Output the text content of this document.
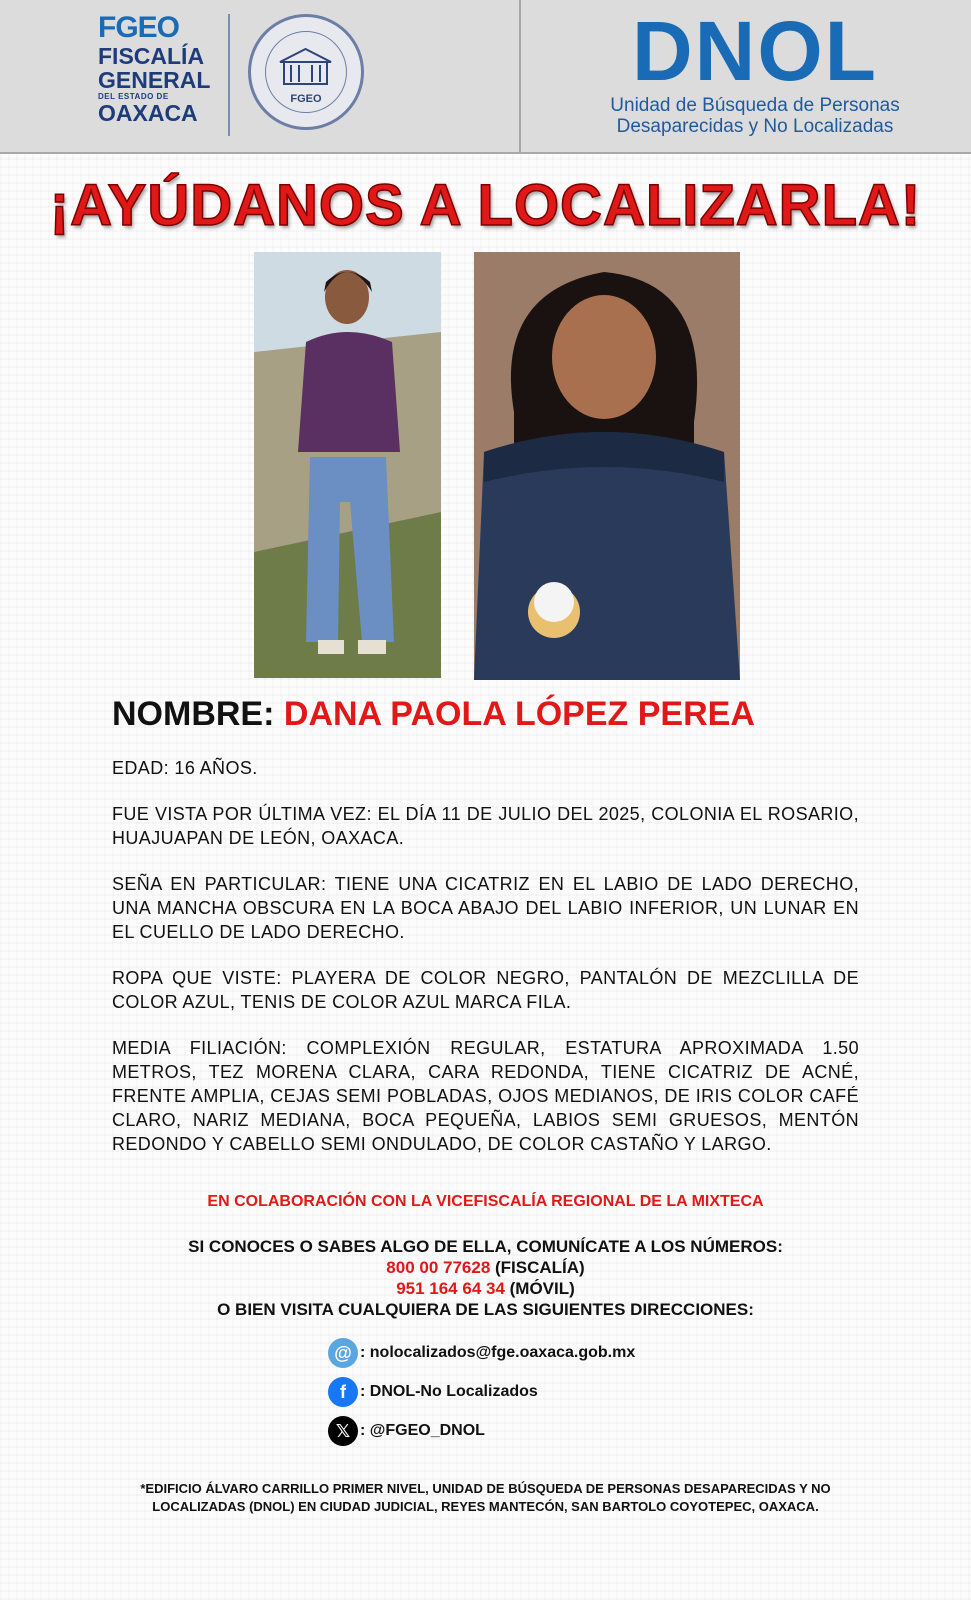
FGEO
FISCALÍA
GENERAL
DEL ESTADO DE
OAXACA
FGEO
DNOL
Unidad de Búsqueda de Personas
Desaparecidas y No Localizadas
¡AYÚDANOS A LOCALIZARLA!
NOMBRE: DANA PAOLA LÓPEZ PEREA

EDAD: 16 AÑOS.

FUE VISTA POR ÚLTIMA VEZ: EL DÍA 11 DE JULIO DEL 2025, COLONIA EL ROSARIO, HUAJUAPAN DE LEÓN, OAXACA.

SEÑA EN PARTICULAR: TIENE UNA CICATRIZ EN EL LABIO DE LADO DERECHO, UNA MANCHA OBSCURA EN LA BOCA ABAJO DEL LABIO INFERIOR, UN LUNAR EN EL CUELLO DE LADO DERECHO.

ROPA QUE VISTE: PLAYERA DE COLOR NEGRO, PANTALÓN DE MEZCLILLA DE COLOR AZUL, TENIS DE COLOR AZUL MARCA FILA.

MEDIA FILIACIÓN: COMPLEXIÓN REGULAR, ESTATURA APROXIMADA 1.50 METROS, TEZ MORENA CLARA, CARA REDONDA, TIENE CICATRIZ DE ACNÉ, FRENTE AMPLIA, CEJAS SEMI POBLADAS, OJOS MEDIANOS, DE IRIS COLOR CAFÉ CLARO, NARIZ MEDIANA, BOCA PEQUEÑA, LABIOS SEMI GRUESOS, MENTÓN REDONDO Y CABELLO SEMI ONDULADO, DE COLOR CASTAÑO Y LARGO.

EN COLABORACIÓN CON LA VICEFISCALÍA REGIONAL DE LA MIXTECA
SI CONOCES O SABES ALGO DE ELLA, COMUNÍCATE A LOS NÚMEROS:
800 00 77628 (FISCALÍA)
951 164 64 34 (MÓVIL)
O BIEN VISITA CUALQUIERA DE LAS SIGUIENTES DIRECCIONES:
@ : nolocalizados@fge.oaxaca.gob.mx
f : DNOL-No Localizados
𝕏 : @FGEO_DNOL
*EDIFICIO ÁLVARO CARRILLO PRIMER NIVEL, UNIDAD DE BÚSQUEDA DE PERSONAS DESAPARECIDAS Y NO LOCALIZADAS (DNOL) EN CIUDAD JUDICIAL, REYES MANTECÓN, SAN BARTOLO COYOTEPEC, OAXACA.
